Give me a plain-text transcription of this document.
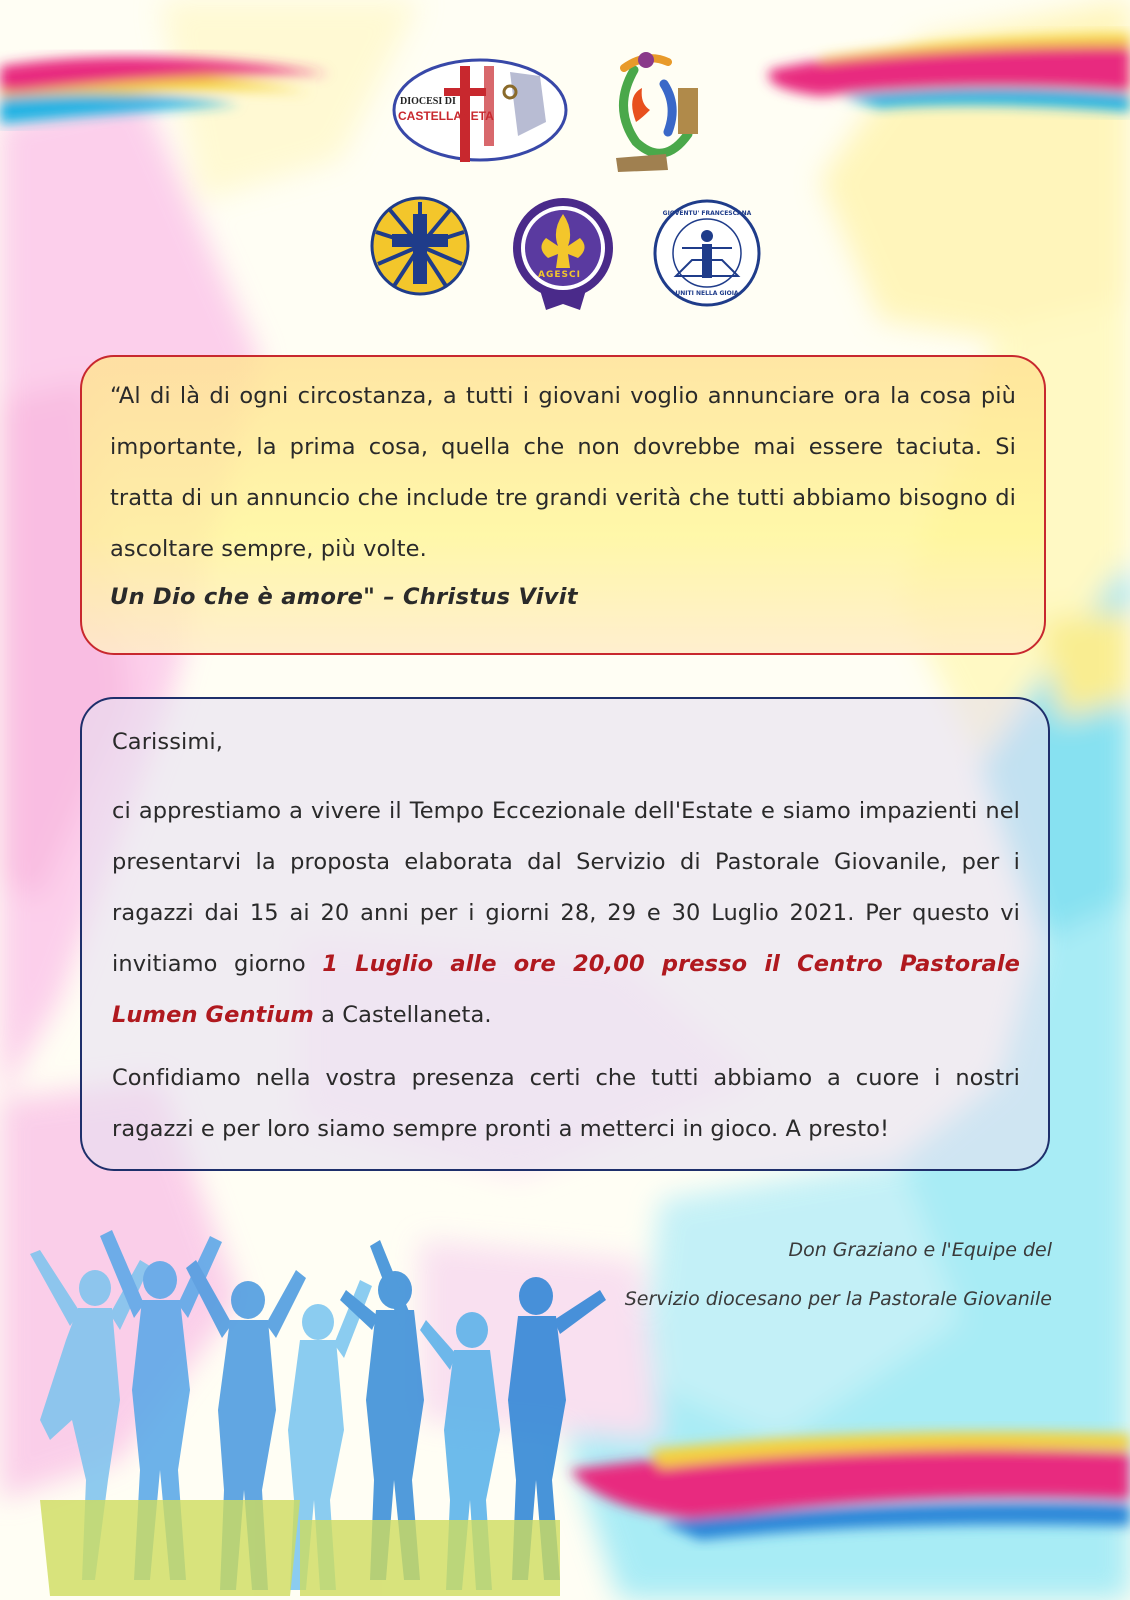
DIOCESI DI
CASTELLANETA
AGESCI
GIOVENTU' FRANCESCANA
UNITI NELLA GIOIA

“Al di là di ogni circostanza, a tutti i giovani voglio annunciare ora la cosa più importante, la prima cosa, quella che non dovrebbe mai essere taciuta. Si tratta di un annuncio che include tre grandi verità che tutti abbiamo bisogno di ascoltare sempre, più volte.

Un Dio che è amore" – Christus Vivit

Carissimi,

ci apprestiamo a vivere il Tempo Eccezionale dell'Estate e siamo impazienti nel presentarvi la proposta elaborata dal Servizio di Pastorale Giovanile, per i ragazzi dai 15 ai 20 anni per i giorni 28, 29 e 30 Luglio 2021. Per questo vi invitiamo giorno 1 Luglio alle ore 20,00 presso il Centro Pastorale Lumen Gentium a Castellaneta.

Confidiamo nella vostra presenza certi che tutti abbiamo a cuore i nostri ragazzi e per loro siamo sempre pronti a metterci in gioco. A presto!

Don Graziano e l'Equipe del
Servizio diocesano per la Pastorale Giovanile
